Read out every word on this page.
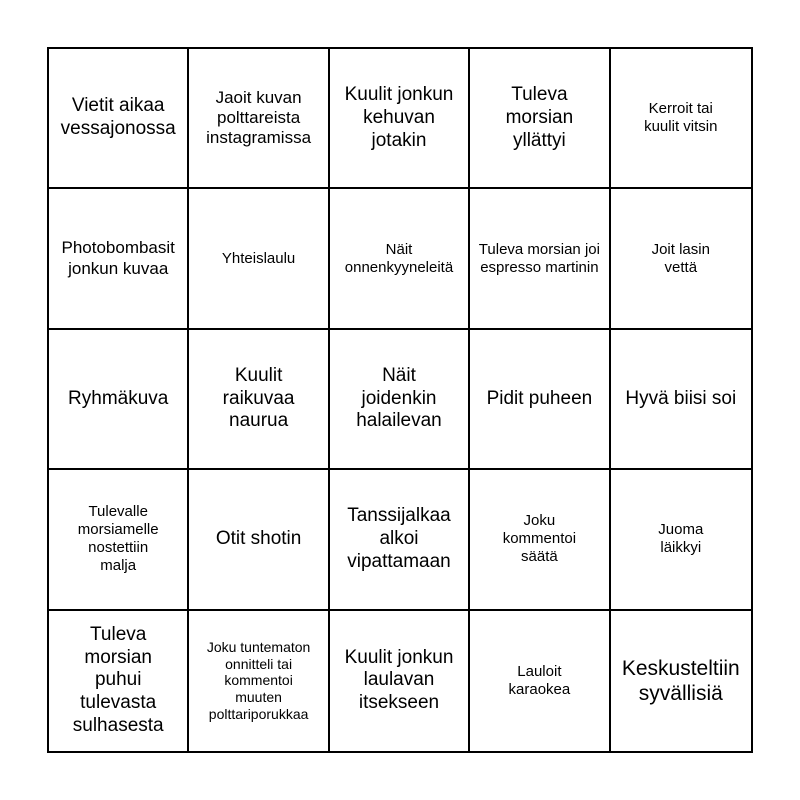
Vietit aikaa vessajonossa
Jaoit kuvan polttareista instagramissa
Kuulit jonkun kehuvan jotakin
Tuleva morsian yllättyi
Kerroit tai kuulit vitsin
Photobombasit jonkun kuvaa
Yhteislaulu
Näit onnenkyyneleitä
Tuleva morsian joi espresso martinin
Joit lasin vettä
Ryhmäkuva
Kuulit raikuvaa naurua
Näit joidenkin halailevan
Pidit puheen Hyvä biisi soi
Tulevalle morsiamelle nostettiin malja
Otit shotin
Tanssijalkaa alkoi vipattamaan
Joku kommentoi säätä
Juoma läikkyi
Tuleva morsian puhui tulevasta sulhasesta
Joku tuntematon onnitteli tai kommentoi muuten polttariporukkaa
Kuulit jonkun laulavan itsekseen
Lauloit karaokea
Keskusteltiin syvällisiä
